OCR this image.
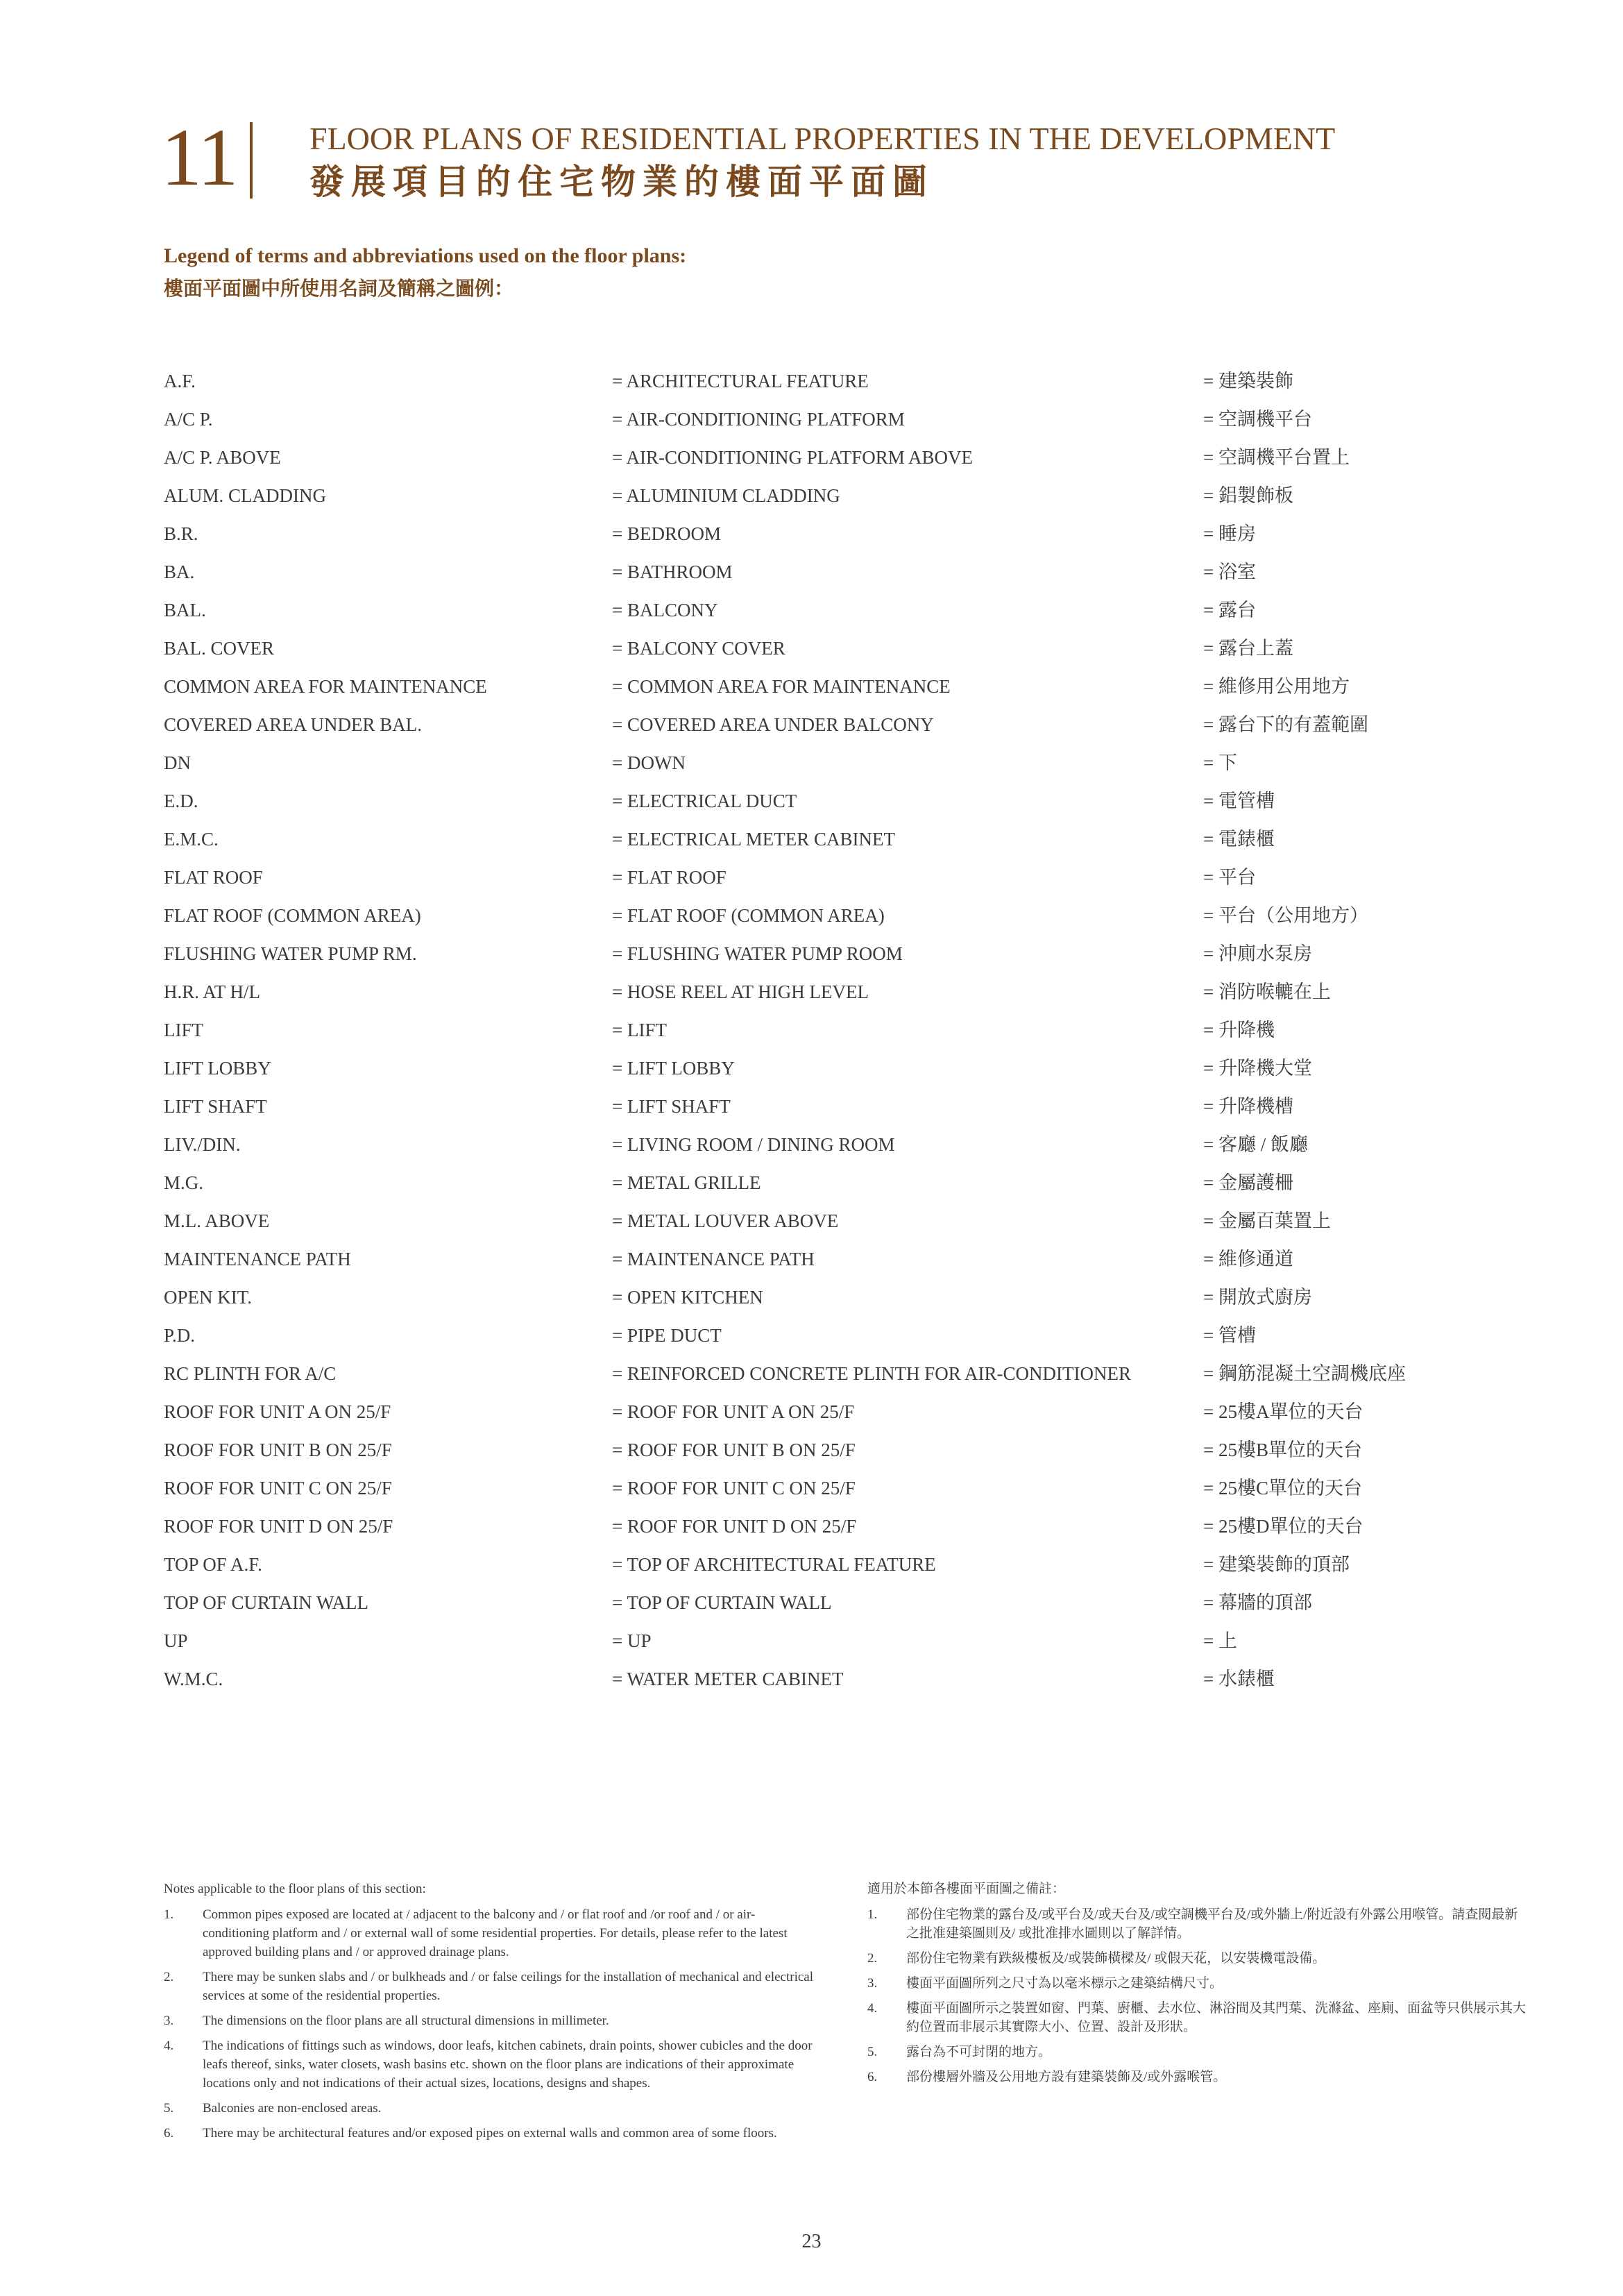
11 FLOOR PLANS OF RESIDENTIAL PROPERTIES IN THE DEVELOPMENT
發展項目的住宅物業的樓面平面圖
Legend of terms and abbreviations used on the floor plans:
樓面平面圖中所使用名詞及簡稱之圖例：
A.F.	= ARCHITECTURAL FEATURE	= 建築裝飾
A/C P.	= AIR-CONDITIONING PLATFORM	= 空調機平台
A/C P. ABOVE	= AIR-CONDITIONING PLATFORM ABOVE	= 空調機平台置上
ALUM. CLADDING	= ALUMINIUM CLADDING	= 鋁製飾板
B.R.	= BEDROOM	= 睡房
BA.	= BATHROOM	= 浴室
BAL.	= BALCONY	= 露台
BAL. COVER	= BALCONY COVER	= 露台上蓋
COMMON AREA FOR MAINTENANCE	= COMMON AREA FOR MAINTENANCE	= 維修用公用地方
COVERED AREA UNDER BAL.	= COVERED AREA UNDER BALCONY	= 露台下的有蓋範圍
DN	= DOWN	= 下
E.D.	= ELECTRICAL DUCT	= 電管槽
E.M.C.	= ELECTRICAL METER CABINET	= 電錶櫃
FLAT ROOF	= FLAT ROOF	= 平台
FLAT ROOF (COMMON AREA)	= FLAT ROOF (COMMON AREA)	= 平台（公用地方）
FLUSHING WATER PUMP RM.	= FLUSHING WATER PUMP ROOM	= 沖廁水泵房
H.R. AT H/L	= HOSE REEL AT HIGH LEVEL	= 消防喉轆在上
LIFT	= LIFT	= 升降機
LIFT LOBBY	= LIFT LOBBY	= 升降機大堂
LIFT SHAFT	= LIFT SHAFT	= 升降機槽
LIV./DIN.	= LIVING ROOM / DINING ROOM	= 客廳 / 飯廳
M.G.	= METAL GRILLE	= 金屬護柵
M.L. ABOVE	= METAL LOUVER ABOVE	= 金屬百葉置上
MAINTENANCE PATH	= MAINTENANCE PATH	= 維修通道
OPEN KIT.	= OPEN KITCHEN	= 開放式廚房
P.D.	= PIPE DUCT	= 管槽
RC PLINTH FOR A/C	= REINFORCED CONCRETE PLINTH FOR AIR-CONDITIONER	= 鋼筋混凝土空調機底座
ROOF FOR UNIT A ON 25/F	= ROOF FOR UNIT A ON 25/F	= 25樓A單位的天台
ROOF FOR UNIT B ON 25/F	= ROOF FOR UNIT B ON 25/F	= 25樓B單位的天台
ROOF FOR UNIT C ON 25/F	= ROOF FOR UNIT C ON 25/F	= 25樓C單位的天台
ROOF FOR UNIT D ON 25/F	= ROOF FOR UNIT D ON 25/F	= 25樓D單位的天台
TOP OF A.F.	= TOP OF ARCHITECTURAL FEATURE	= 建築裝飾的頂部
TOP OF CURTAIN WALL	= TOP OF CURTAIN WALL	= 幕牆的頂部
UP	= UP	= 上
W.M.C.	= WATER METER CABINET	= 水錶櫃
Notes applicable to the floor plans of this section:
1. Common pipes exposed are located at / adjacent to the balcony and / or flat roof and /or roof and / or air-conditioning platform and / or external wall of some residential properties. For details, please refer to the latest approved building plans and / or approved drainage plans.
2. There may be sunken slabs and / or bulkheads and / or false ceilings for the installation of mechanical and electrical services at some of the residential properties.
3. The dimensions on the floor plans are all structural dimensions in millimeter.
4. The indications of fittings such as windows, door leafs, kitchen cabinets, drain points, shower cubicles and the door leafs thereof, sinks, water closets, wash basins etc. shown on the floor plans are indications of their approximate locations only and not indications of their actual sizes, locations, designs and shapes.
5. Balconies are non-enclosed areas.
6. There may be architectural features and/or exposed pipes on external walls and common area of some floors.
適用於本節各樓面平面圖之備註：
1. 部份住宅物業的露台及/或平台及/或天台及/或空調機平台及/或外牆上/附近設有外露公用喉管。請查閱最新之批准建築圖則及/ 或批准排水圖則以了解詳情。
2. 部份住宅物業有跌級樓板及/或裝飾橫樑及/ 或假天花，以安裝機電設備。
3. 樓面平面圖所列之尺寸為以毫米標示之建築結構尺寸。
4. 樓面平面圖所示之裝置如窗、門葉、廚櫃、去水位、淋浴間及其門葉、洗滌盆、座廁、面盆等只供展示其大約位置而非展示其實際大小、位置、設計及形狀。
5. 露台為不可封閉的地方。
6. 部份樓層外牆及公用地方設有建築裝飾及/或外露喉管。
23
